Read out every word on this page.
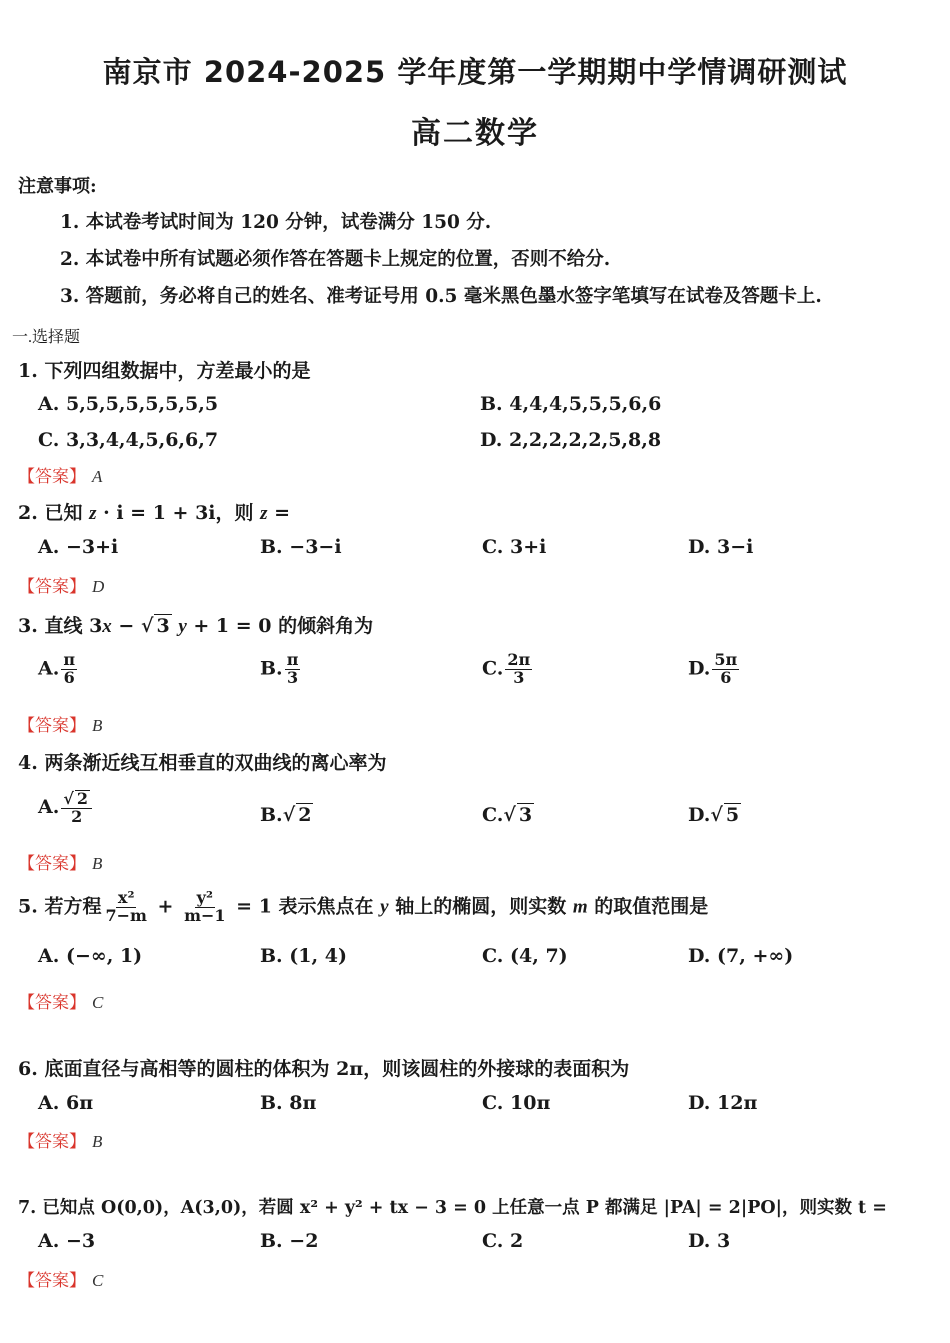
南京市 2024-2025 学年度第一学期期中学情调研测试
高二数学
注意事项:
1. 本试卷考试时间为 120 分钟，试卷满分 150 分.
2. 本试卷中所有试题必须作答在答题卡上规定的位置，否则不给分.
3. 答题前，务必将自己的姓名、准考证号用 0.5 毫米黑色墨水签字笔填写在试卷及答题卡上.
一.选择题
1. 下列四组数据中，方差最小的是
A. 5,5,5,5,5,5,5,5	B. 4,4,4,5,5,5,6,6
C. 3,3,4,4,5,6,6,7	D. 2,2,2,2,2,5,8,8
【答案】 A
2. 已知 z · i = 1 + 3i，则 z =
A. −3+i	B. −3−i	C. 3+i	D. 3−i
【答案】 D
3. 直线 3x − √ 3 y + 1 = 0 的倾斜角为
A. $\frac{\pi}{6}$	B. $\frac{\pi}{3}$	C. $\frac{2\pi}{3}$	D. $\frac{5\pi}{6}$
【答案】 B
4. 两条渐近线互相垂直的双曲线的离心率为
A. $\frac{√ 2}{2}$	B.√ 2	C.√ 3	D.√ 5
【答案】 B
5. 若方程 $\frac{\text{x²}}{7-m} + \frac{\text{y²}}{m-1} = 1$ 表示焦点在 y 轴上的椭圆，则实数 m 的取值范围是
A. (−∞, 1)	B. (1, 4)	C. (4, 7)	D. (7, +∞)
【答案】 C
6. 底面直径与高相等的圆柱的体积为 2π，则该圆柱的外接球的表面积为
A. 6π	B. 8π	C. 10π	D. 12π
【答案】 B
7. 已知点 O(0,0)，A(3,0)，若圆 x² + y² + tx − 3 = 0 上任意一点 P 都满足 |PA| = 2|PO|，则实数 t =
A. −3	B. −2	C. 2	D. 3
【答案】 C
